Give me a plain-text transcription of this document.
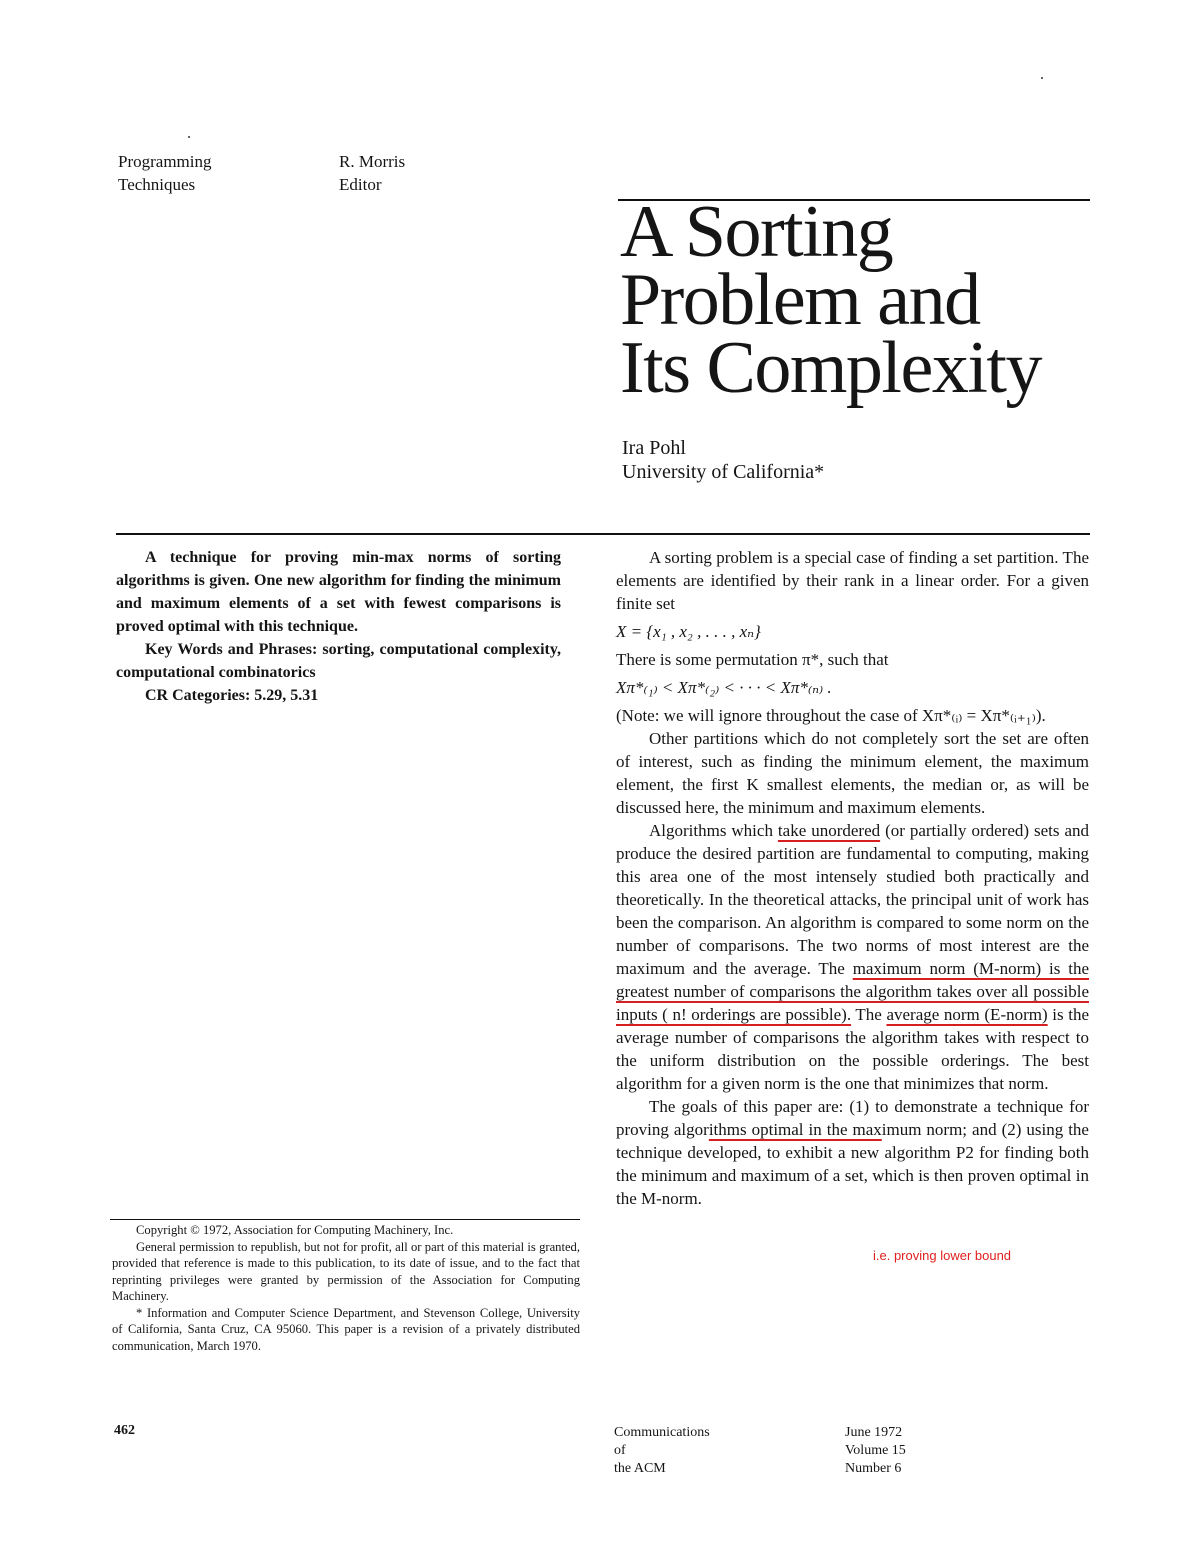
Programming
Techniques
R. Morris
Editor
A Sorting
Problem and
Its Complexity
Ira Pohl
University of California*

A technique for proving min-max norms of sorting algorithms is given. One new algorithm for finding the minimum and maximum elements of a set with fewest comparisons is proved optimal with this technique.

Key Words and Phrases: sorting, computational complexity, computational combinatorics

CR Categories: 5.29, 5.31

A sorting problem is a special case of finding a set partition. The elements are identified by their rank in a linear order. For a given finite set

X = {x₁ , x₂ , . . . , xₙ}

There is some permutation π*, such that

Xπ*₍₁₎ < Xπ*₍₂₎ < · · · < Xπ*₍ₙ₎ .

(Note: we will ignore throughout the case of Xπ*₍ᵢ₎ = Xπ*₍ᵢ₊₁₎).

Other partitions which do not completely sort the set are often of interest, such as finding the minimum element, the maximum element, the first K smallest elements, the median or, as will be discussed here, the minimum and maximum elements.

Algorithms which take unordered (or partially ordered) sets and produce the desired partition are fundamental to computing, making this area one of the most intensely studied both practically and theoretically. In the theoretical attacks, the principal unit of work has been the comparison. An algorithm is compared to some norm on the number of comparisons. The two norms of most interest are the maximum and the average. The maximum norm (M-norm) is the greatest number of comparisons the algorithm takes over all possible inputs ( n! orderings are possible). The average norm (E-norm) is the average number of comparisons the algorithm takes with respect to the uniform distribution on the possible orderings. The best algorithm for a given norm is the one that minimizes that norm.

The goals of this paper are: (1) to demonstrate a technique for proving algorithms optimal in the maximum norm; and (2) using the technique developed, to exhibit a new algorithm P2 for finding both the minimum and maximum of a set, which is then proven optimal in the M-norm.

i.e. proving lower bound

Copyright © 1972, Association for Computing Machinery, Inc.

General permission to republish, but not for profit, all or part of this material is granted, provided that reference is made to this publication, to its date of issue, and to the fact that reprinting privileges were granted by permission of the Association for Computing Machinery.

* Information and Computer Science Department, and Stevenson College, University of California, Santa Cruz, CA 95060. This paper is a revision of a privately distributed communication, March 1970.

462	Communications
of
the ACM
June 1972
Volume 15
Number 6
